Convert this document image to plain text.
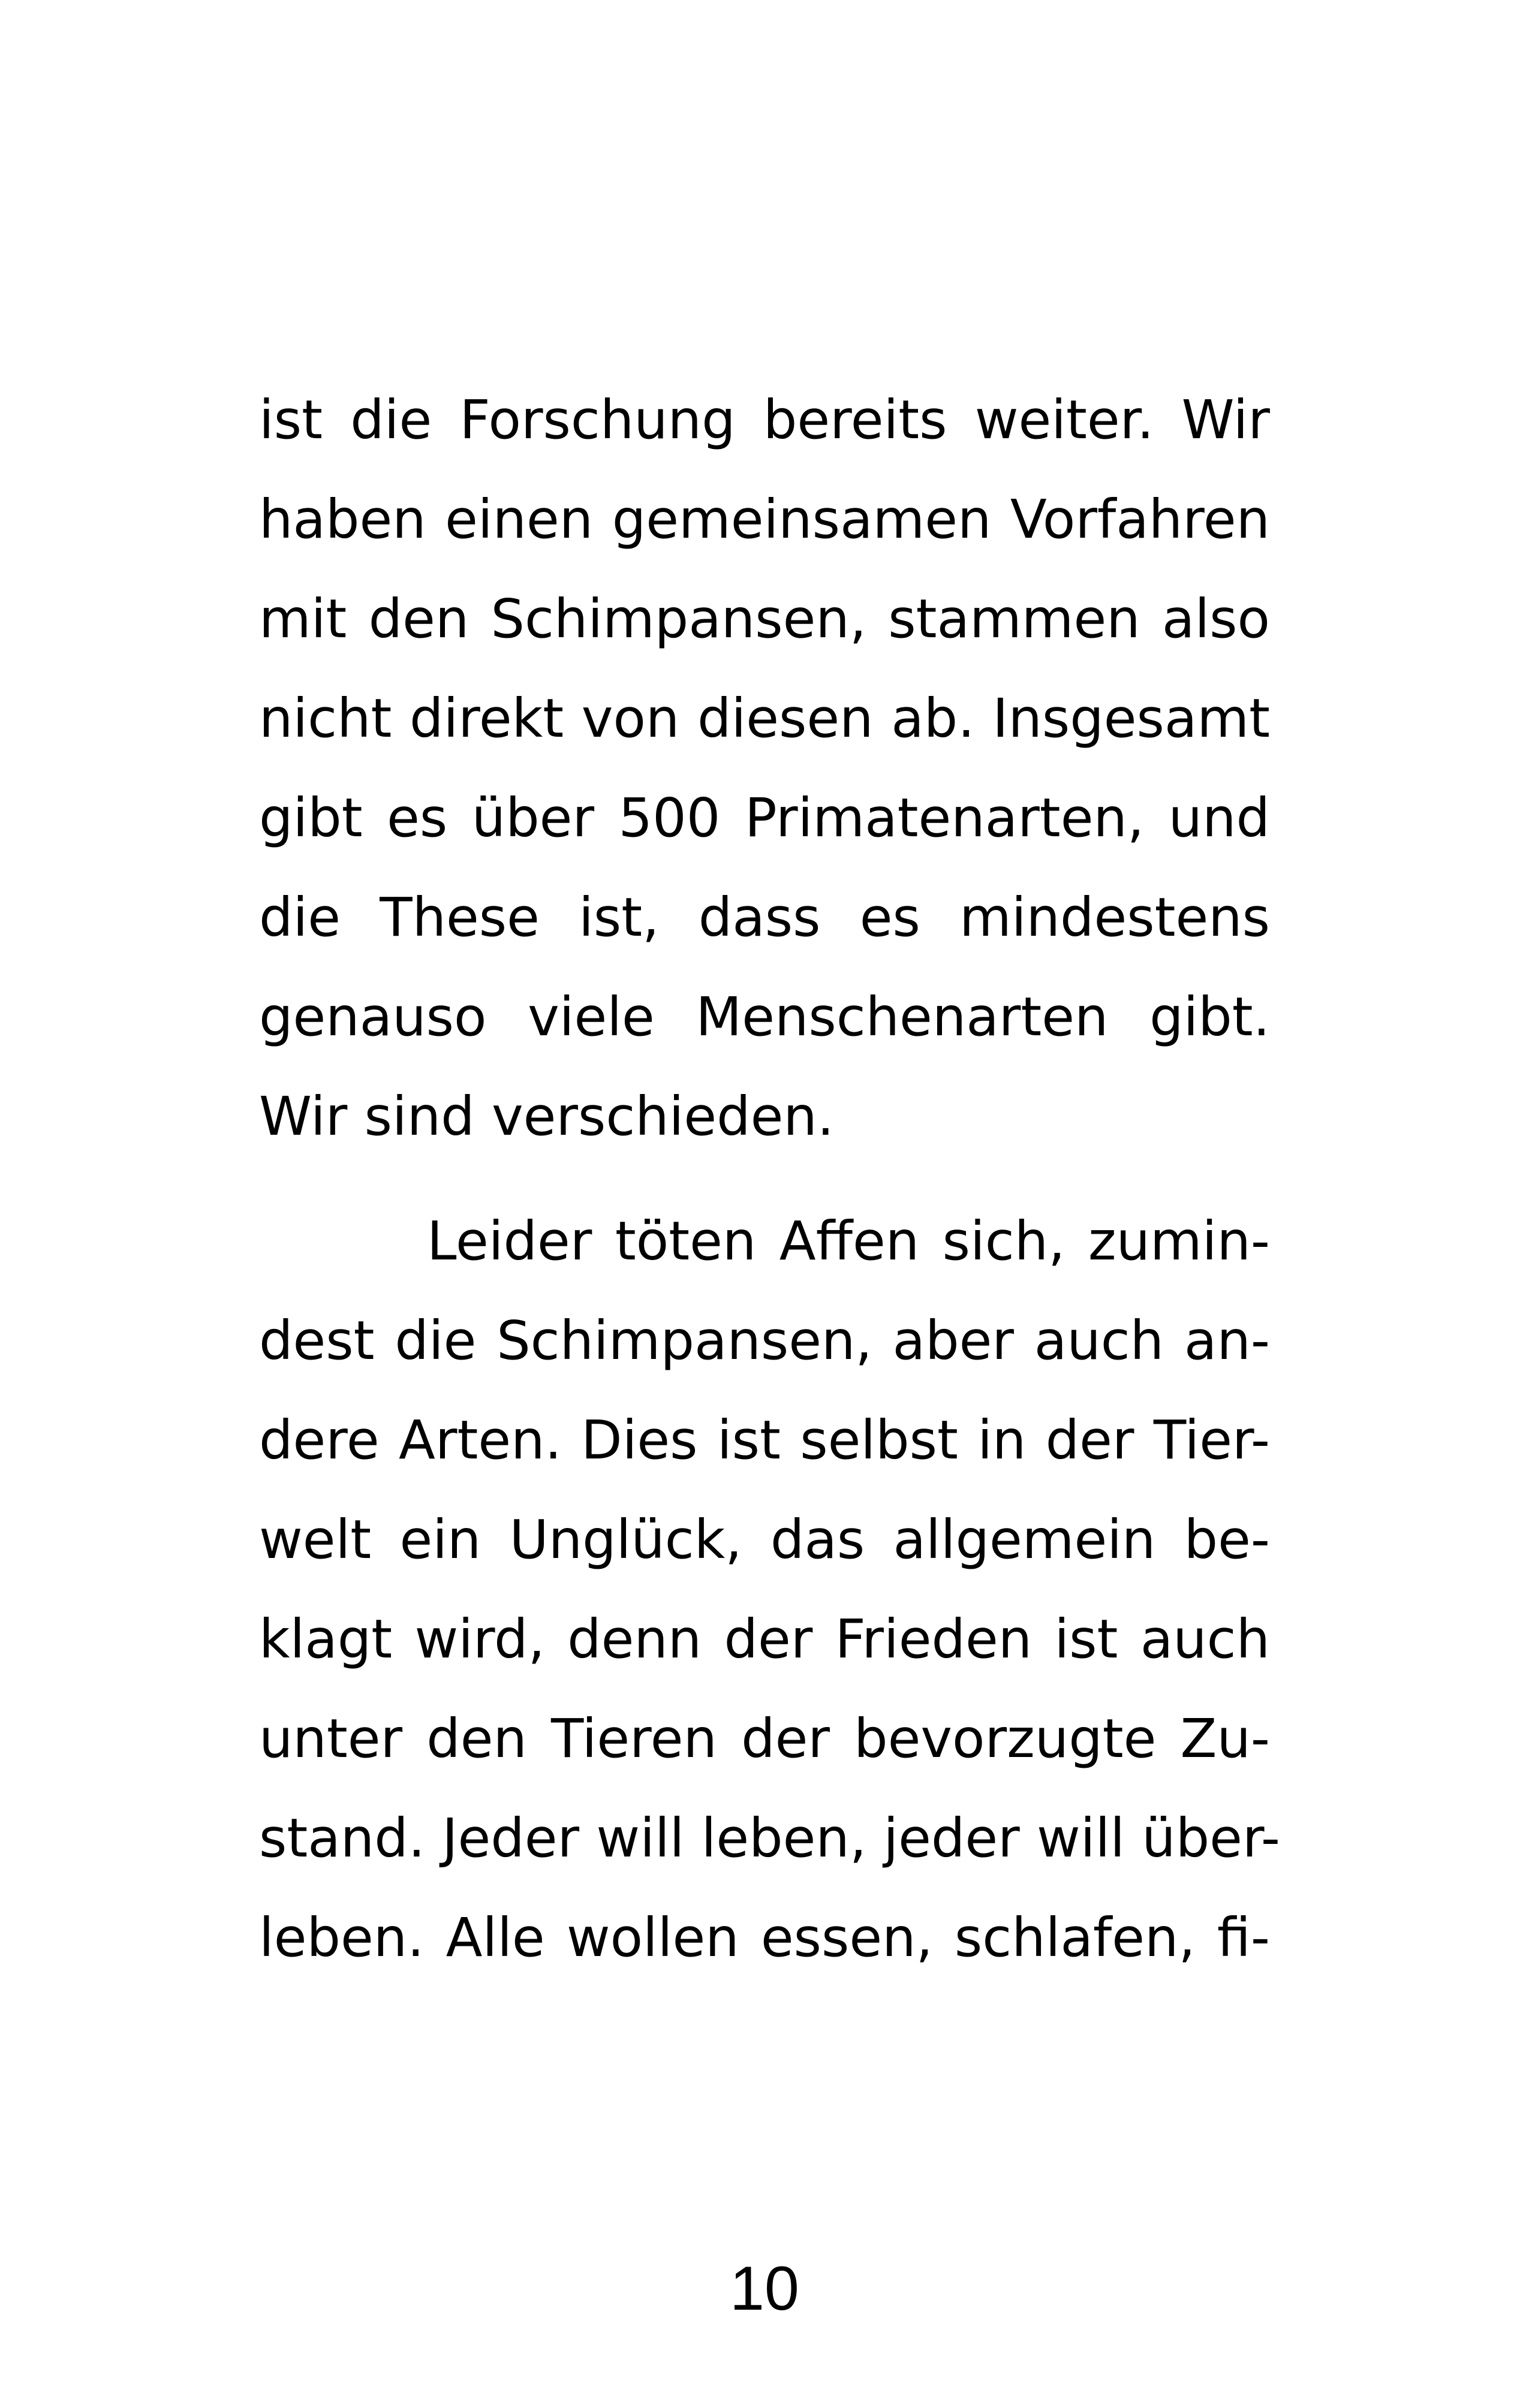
ist die Forschung bereits weiter. Wir
haben einen gemeinsamen Vorfahren
mit den Schimpansen, stammen also
nicht direkt von diesen ab. Insgesamt
gibt es über 500 Primatenarten, und
die These ist, dass es mindestens
genauso viele Menschenarten gibt.
Wir sind verschieden.
Leider töten Affen sich, zumin-
dest die Schimpansen, aber auch an-
dere Arten. Dies ist selbst in der Tier-
welt ein Unglück, das allgemein be-
klagt wird, denn der Frieden ist auch
unter den Tieren der bevorzugte Zu-
stand. Jeder will leben, jeder will über-
leben. Alle wollen essen, schlafen, fi-
10
